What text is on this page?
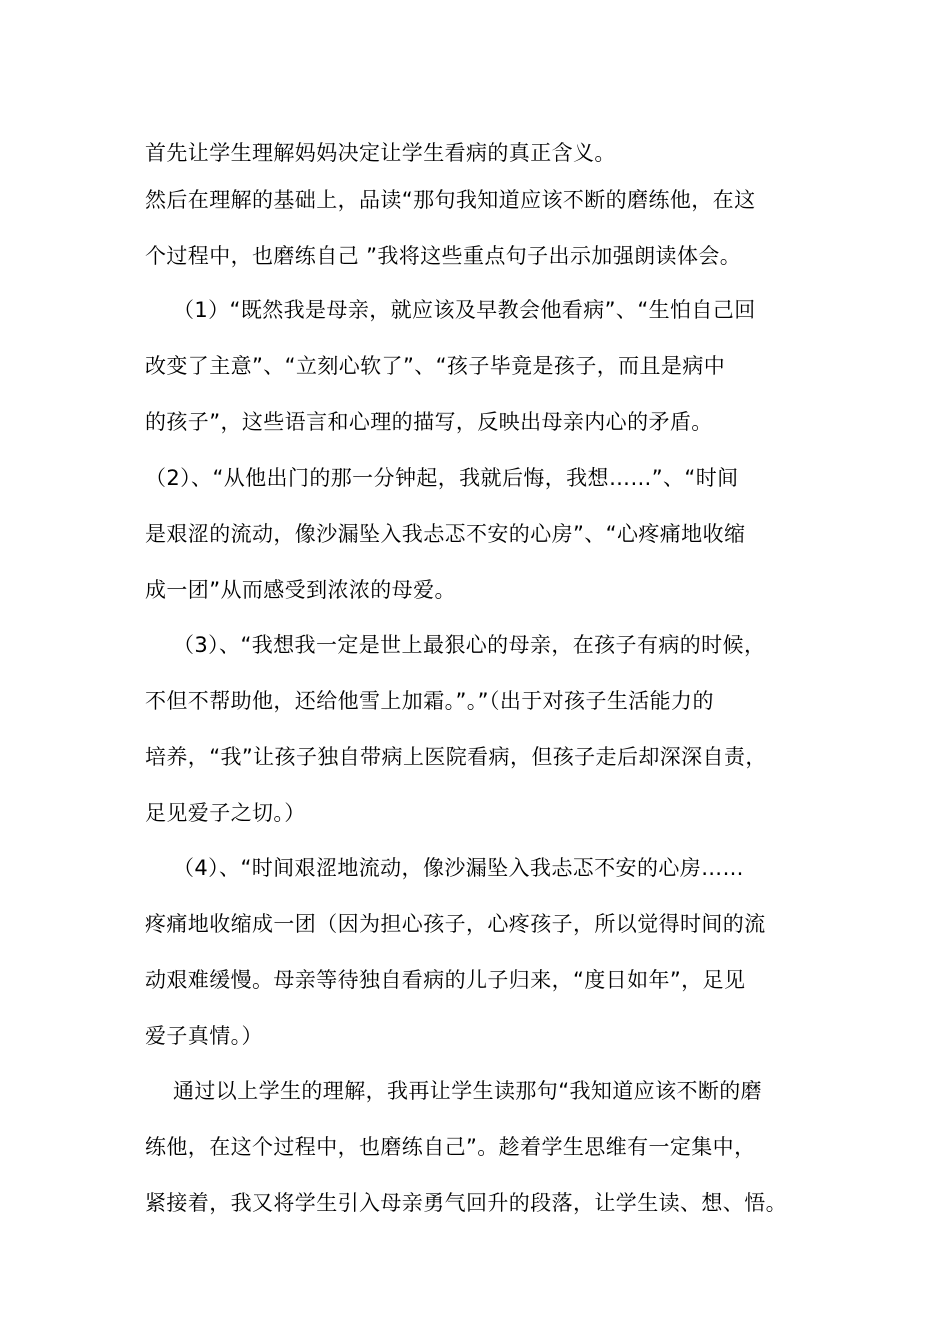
首先让学生理解妈妈决定让学生看病的真正含义。
然后在理解的基础上，品读“那句我知道应该不断的磨练他，在这
个过程中，也磨练自己 ”我将这些重点句子出示加强朗读体会。
（1）“既然我是母亲，就应该及早教会他看病”、“生怕自己回
改变了主意”、“立刻心软了”、“孩子毕竟是孩子，而且是病中
的孩子”，这些语言和心理的描写，反映出母亲内心的矛盾。
（2）、“从他出门的那一分钟起，我就后悔，我想……”、“时间
是艰涩的流动，像沙漏坠入我忐忑不安的心房”、“心疼痛地收缩
成一团”从而感受到浓浓的母爱。
（3）、“我想我一定是世上最狠心的母亲，在孩子有病的时候，
不但不帮助他，还给他雪上加霜。”。”（出于对孩子生活能力的
培养，“我”让孩子独自带病上医院看病，但孩子走后却深深自责，
足见爱子之切。）
（4）、“时间艰涩地流动，像沙漏坠入我忐忑不安的心房……
疼痛地收缩成一团（因为担心孩子，心疼孩子，所以觉得时间的流
动艰难缓慢。母亲等待独自看病的儿子归来，“度日如年”，足见
爱子真情。）
通过以上学生的理解，我再让学生读那句“我知道应该不断的磨
练他，在这个过程中，也磨练自己”。趁着学生思维有一定集中，
紧接着，我又将学生引入母亲勇气回升的段落，让学生读、想、悟。
